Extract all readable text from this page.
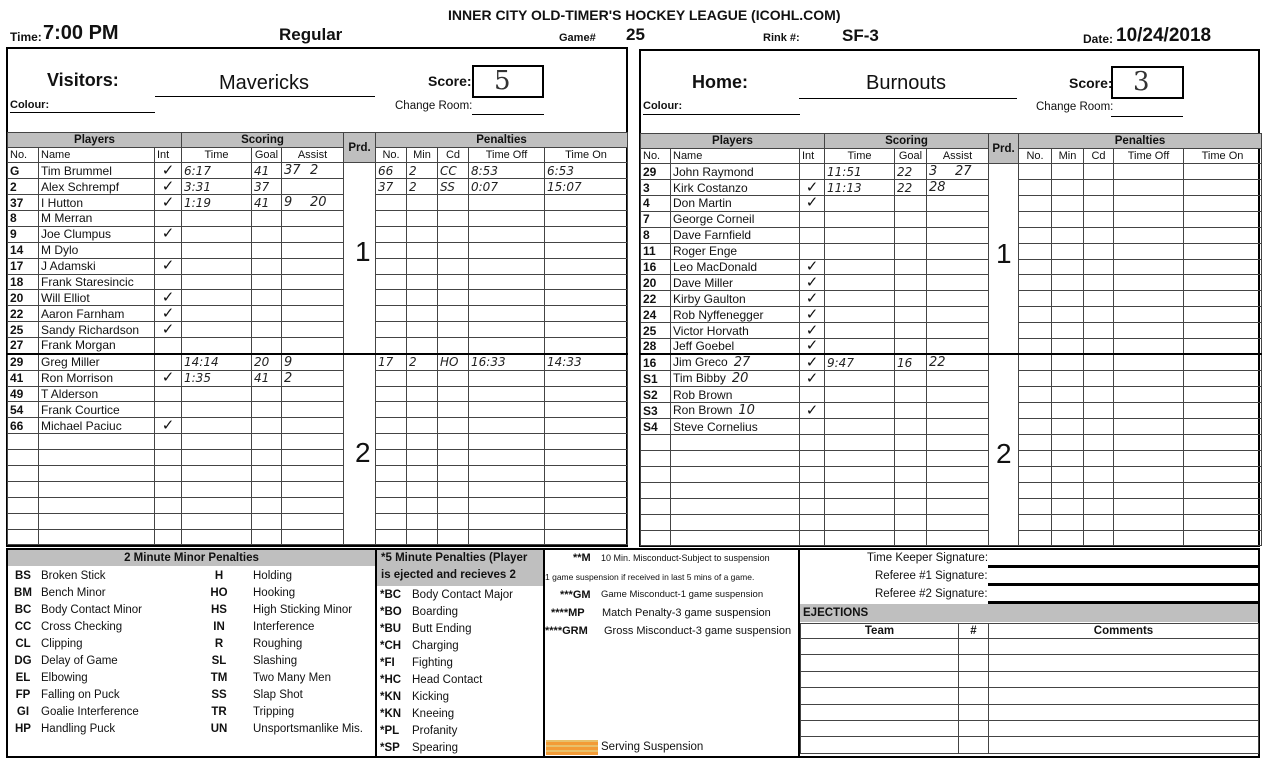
INNER CITY OLD-TIMER'S HOCKEY LEAGUE (ICOHL.COM)
Time: 7:00 PM	Regular	Game# 25	Rink #: SF-3	Date: 10/24/2018
Visitors:	Mavericks	Score: 5
Colour:	Change Room:
Players			Scoring			Prd.	Penalties				
No.	Name	Int	Time	Goal	Assist		No.	Min	Cd	Time Off	Time On
G	Tim Brummel	✓	6:17	41	37 2		66	2	CC	8:53	6:53
2	Alex Schrempf	✓	3:31	37			37	2	SS	0:07	15:07
37	I Hutton	✓	1:19	41	9 20						
8	M Merran										
9	Joe Clumpus	✓									
14	M Dylo										
17	J Adamski	✓									
18	Frank Staresincic										
20	Will Elliot	✓									
22	Aaron Farnham	✓									
25	Sandy Richardson	✓									
27	Frank Morgan										
29	Greg Miller		14:14	20	9		17	2	HO	16:33	14:33
41	Ron Morrison	✓	1:35	41	2						
49	T Alderson										
54	Frank Courtice										
66	Michael Paciuc	✓									

1
2
Home:	Burnouts	Score: 3
Colour:	Change Room:
Players			Scoring			Prd.	Penalties				
No.	Name	Int	Time	Goal	Assist		No.	Min	Cd	Time Off	Time On
29	John Raymond		11:51	22	3 27						
3	Kirk Costanzo	✓	11:13	22	28						
4	Don Martin	✓									
7	George Corneil										
8	Dave Farnfield										
11	Roger Enge										
16	Leo MacDonald	✓									
20	Dave Miller	✓									
22	Kirby Gaulton	✓									
24	Rob Nyffenegger	✓									
25	Victor Horvath	✓									
28	Jeff Goebel	✓									
16	Jim Greco 27	✓	9:47	16	22						
S1	Tim Bibby 20	✓									
S2	Rob Brown										
S3	Ron Brown 10	✓									
S4	Steve Cornelius										

1
2
2 Minute Minor Penalties
BS	Broken Stick	H	Holding
BM	Bench Minor	HO	Hooking
BC	Body Contact Minor	HS	High Sticking Minor
CC	Cross Checking	IN	Interference
CL	Clipping	R	Roughing
DG	Delay of Game	SL	Slashing
EL	Elbowing	TM	Two Many Men
FP	Falling on Puck	SS	Slap Shot
GI	Goalie Interference	TR	Tripping
HP	Handling Puck	UN	Unsportsmanlike Mis.
*5 Minute Penalties (Player is ejected and recieves 2
*BC	Body Contact Major
*BO	Boarding
*BU	Butt Ending
*CH	Charging
*FI	Fighting
*HC	Head Contact
*KN	Kicking
*KN	Kneeing
*PL	Profanity
*SP	Spearing
**M 10 Min. Misconduct-Subject to suspension
1 game suspension if received in last 5 mins of a game.
***GM Game Misconduct-1 game suspension
****MP Match Penalty-3 game suspension
****GRM Gross Misconduct-3 game suspension
Serving Suspension
Time Keeper Signature:
Referee #1 Signature:
Referee #2 Signature:
EJECTIONS
Team	#	Comments
